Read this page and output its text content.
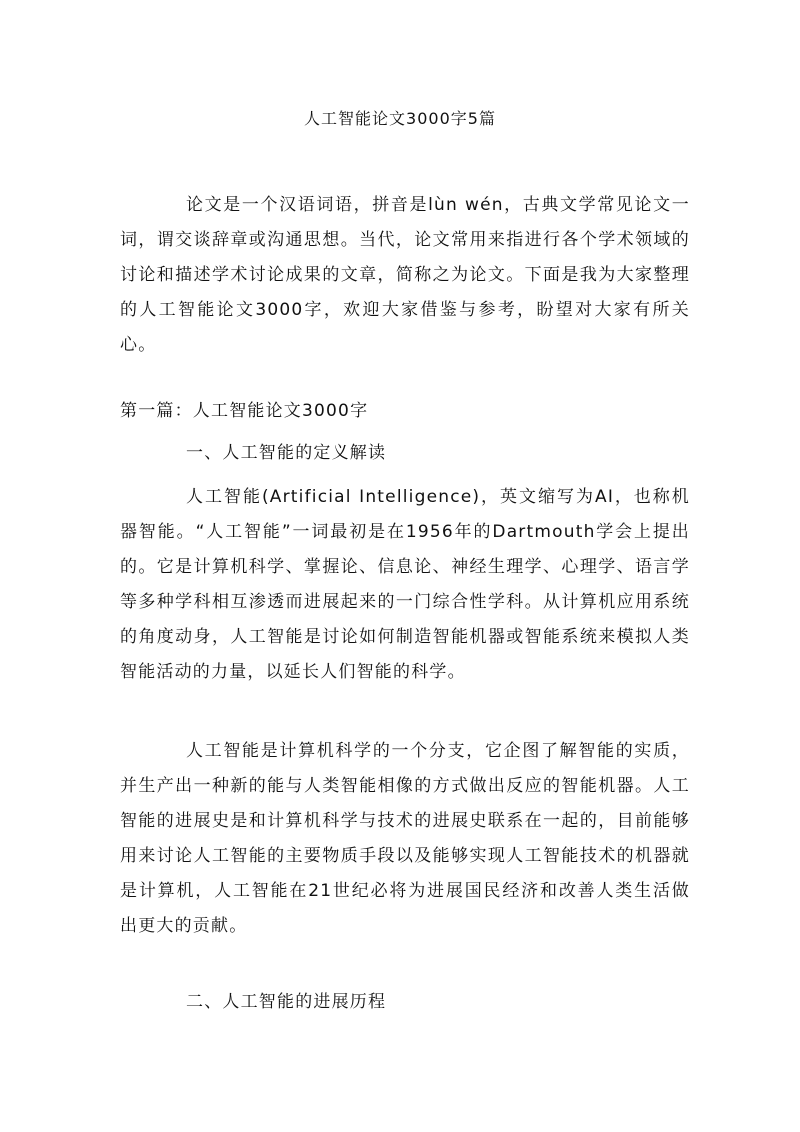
人工智能论文3000字5篇

论文是一个汉语词语，拼音是lùn wén，古典文学常见论文一词，谓交谈辞章或沟通思想。当代，论文常用来指进行各个学术领域的讨论和描述学术讨论成果的文章，简称之为论文。下面是我为大家整理的人工智能论文3000字，欢迎大家借鉴与参考，盼望对大家有所关心。

第一篇：人工智能论文3000字

一、人工智能的定义解读

人工智能(Artificial Intelligence)，英文缩写为AI，也称机器智能。“人工智能”一词最初是在1956年的Dartmouth学会上提出的。它是计算机科学、掌握论、信息论、神经生理学、心理学、语言学等多种学科相互渗透而进展起来的一门综合性学科。从计算机应用系统的角度动身，人工智能是讨论如何制造智能机器或智能系统来模拟人类智能活动的力量，以延长人们智能的科学。

人工智能是计算机科学的一个分支，它企图了解智能的实质，并生产出一种新的能与人类智能相像的方式做出反应的智能机器。人工智能的进展史是和计算机科学与技术的进展史联系在一起的，目前能够用来讨论人工智能的主要物质手段以及能够实现人工智能技术的机器就是计算机，人工智能在21世纪必将为进展国民经济和改善人类生活做出更大的贡献。

二、人工智能的进展历程
